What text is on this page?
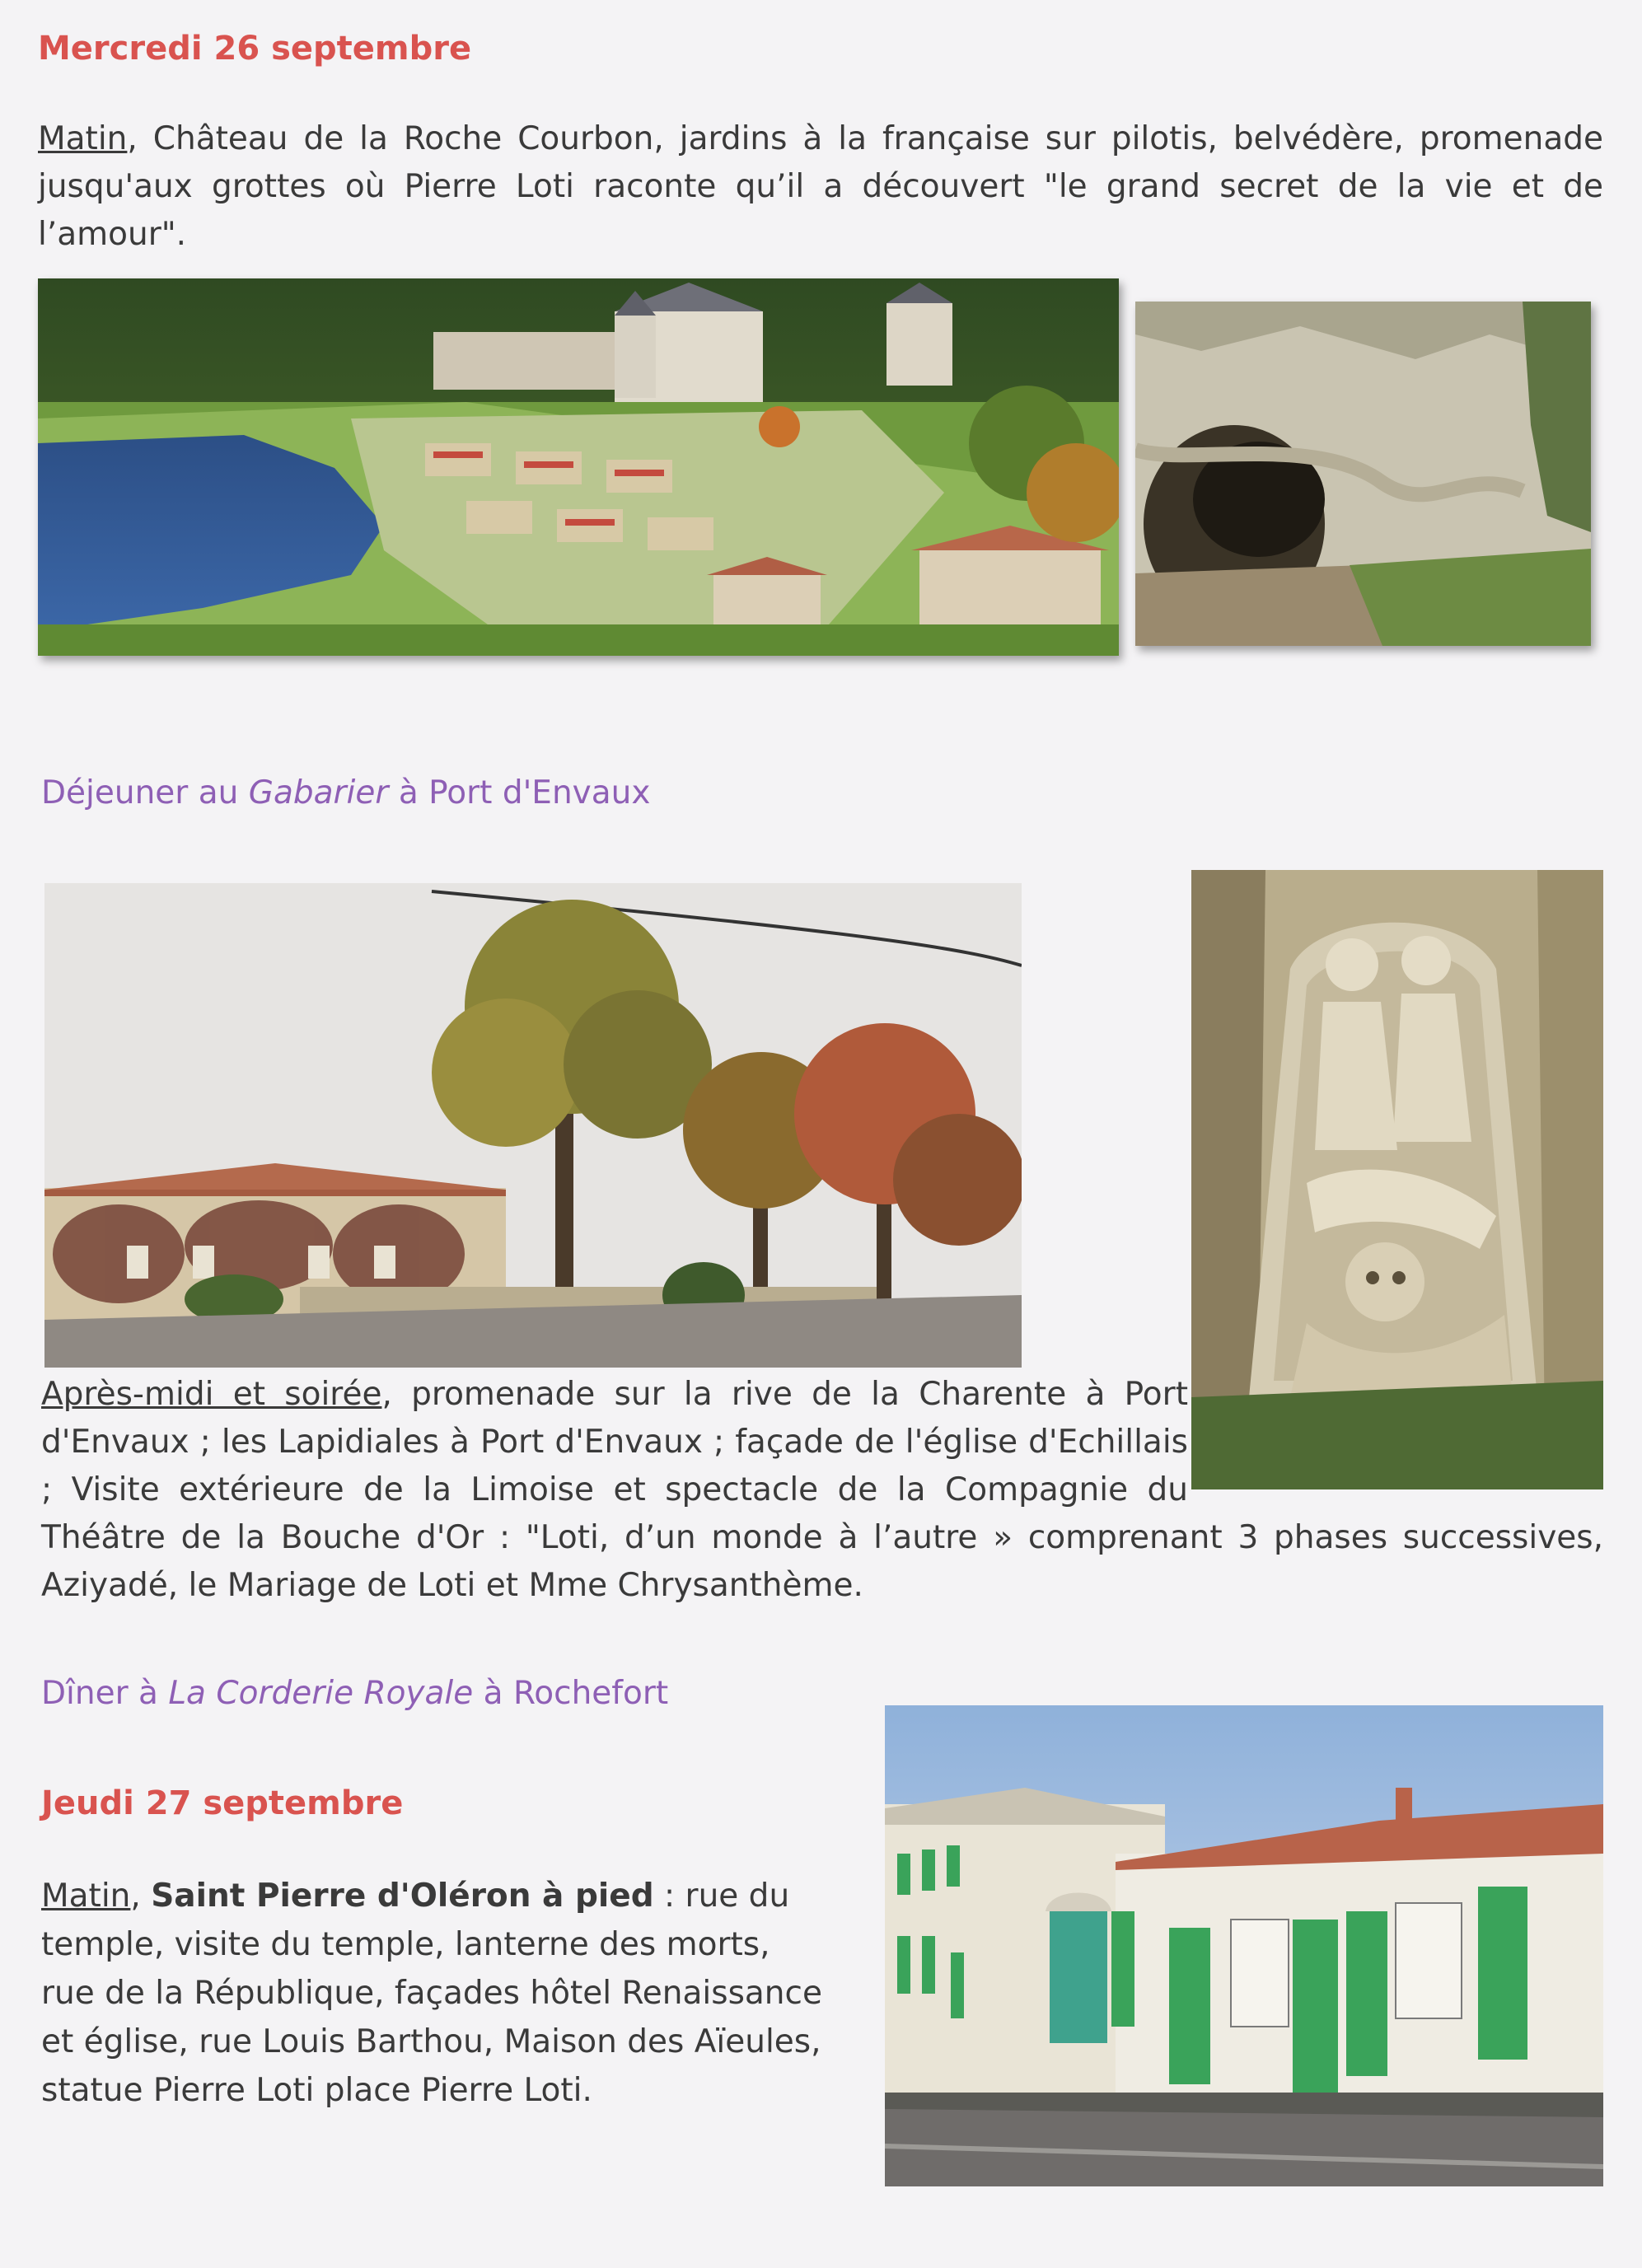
Mercredi 26 septembre
Matin, Château de la Roche Courbon, jardins à la française sur pilotis, belvédère, promenade jusqu'aux grottes où Pierre Loti raconte qu’il a découvert "le grand secret de la vie et de l’amour".
Déjeuner au Gabarier à Port d'Envaux
Après-midi et soirée, promenade sur la rive de la Charente à Port d'Envaux ; les Lapidiales à Port d'Envaux ; façade de l'église d'Echillais ; Visite extérieure de la Limoise et spectacle de la Compagnie du Théâtre de la Bouche d'Or : "Loti, d’un monde à l’autre » comprenant 3 phases successives, Aziyadé, le Mariage de Loti et Mme Chrysanthème.
Dîner à La Corderie Royale à Rochefort
Jeudi 27 septembre
Matin, Saint Pierre d'Oléron à pied : rue du temple, visite du temple, lanterne des morts, rue de la République, façades hôtel Renaissance et église, rue Louis Barthou, Maison des Aïeules, statue Pierre Loti place Pierre Loti.
